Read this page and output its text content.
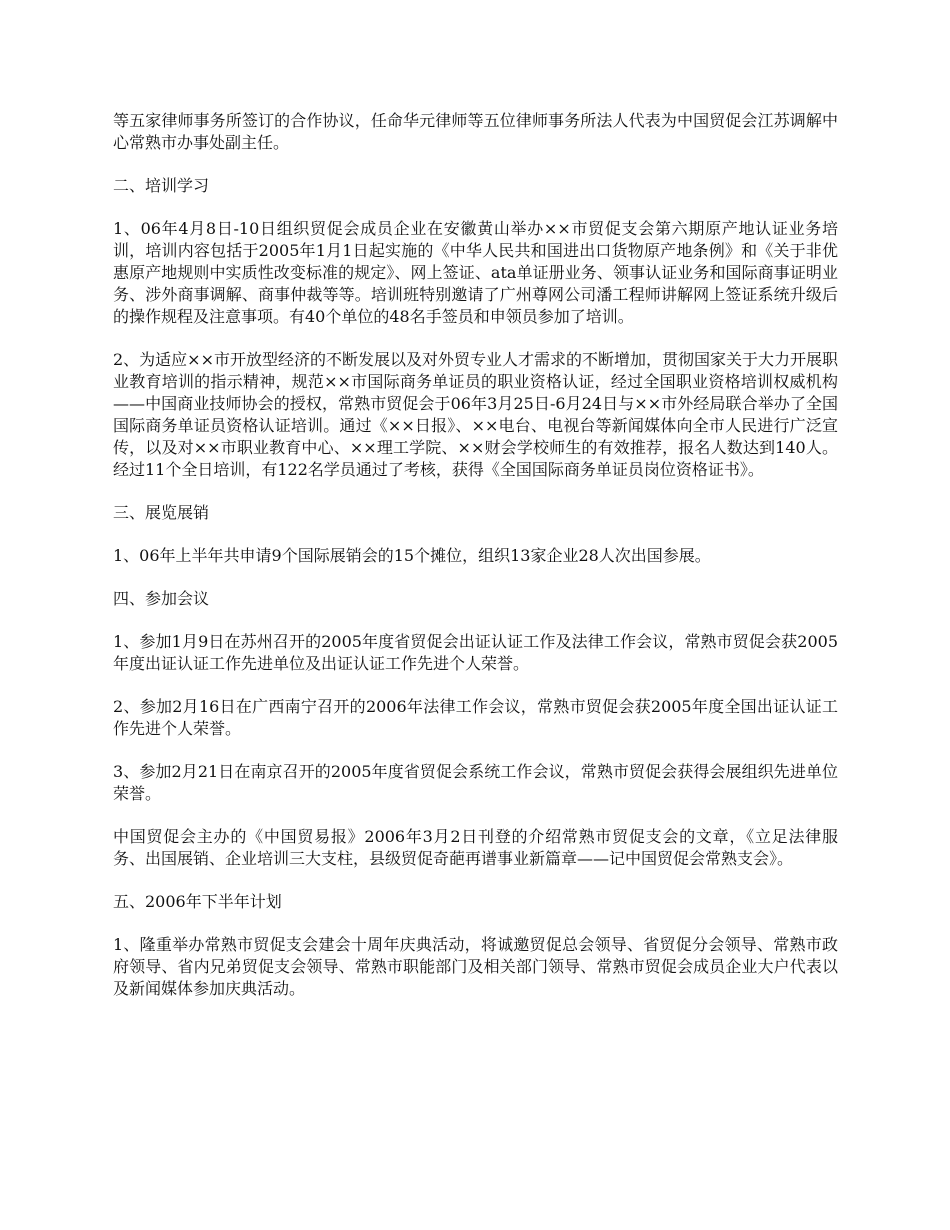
等五家律师事务所签订的合作协议，任命华元律师等五位律师事务所法人代表为中国贸促会江苏调解中心常熟市办事处副主任。

二、培训学习

1、06年4月8日-10日组织贸促会成员企业在安徽黄山举办××市贸促支会第六期原产地认证业务培训，培训内容包括于2005年1月1日起实施的《中华人民共和国进出口货物原产地条例》和《关于非优惠原产地规则中实质性改变标准的规定》、网上签证、ata单证册业务、领事认证业务和国际商事证明业务、涉外商事调解、商事仲裁等等。培训班特别邀请了广州尊网公司潘工程师讲解网上签证系统升级后的操作规程及注意事项。有40个单位的48名手签员和申领员参加了培训。

2、为适应××市开放型经济的不断发展以及对外贸专业人才需求的不断增加，贯彻国家关于大力开展职业教育培训的指示精神，规范××市国际商务单证员的职业资格认证，经过全国职业资格培训权威机构——中国商业技师协会的授权，常熟市贸促会于06年3月25日-6月24日与××市外经局联合举办了全国国际商务单证员资格认证培训。通过《××日报》、××电台、电视台等新闻媒体向全市人民进行广泛宣传，以及对××市职业教育中心、××理工学院、××财会学校师生的有效推荐，报名人数达到140人。经过11个全日培训，有122名学员通过了考核，获得《全国国际商务单证员岗位资格证书》。

三、展览展销

1、06年上半年共申请9个国际展销会的15个摊位，组织13家企业28人次出国参展。

四、参加会议

1、参加1月9日在苏州召开的2005年度省贸促会出证认证工作及法律工作会议，常熟市贸促会获2005年度出证认证工作先进单位及出证认证工作先进个人荣誉。

2、参加2月16日在广西南宁召开的2006年法律工作会议，常熟市贸促会获2005年度全国出证认证工作先进个人荣誉。

3、参加2月21日在南京召开的2005年度省贸促会系统工作会议，常熟市贸促会获得会展组织先进单位荣誉。

中国贸促会主办的《中国贸易报》2006年3月2日刊登的介绍常熟市贸促支会的文章，《立足法律服务、出国展销、企业培训三大支柱，县级贸促奇葩再谱事业新篇章——记中国贸促会常熟支会》。

五、2006年下半年计划

1、隆重举办常熟市贸促支会建会十周年庆典活动，将诚邀贸促总会领导、省贸促分会领导、常熟市政府领导、省内兄弟贸促支会领导、常熟市职能部门及相关部门领导、常熟市贸促会成员企业大户代表以及新闻媒体参加庆典活动。
